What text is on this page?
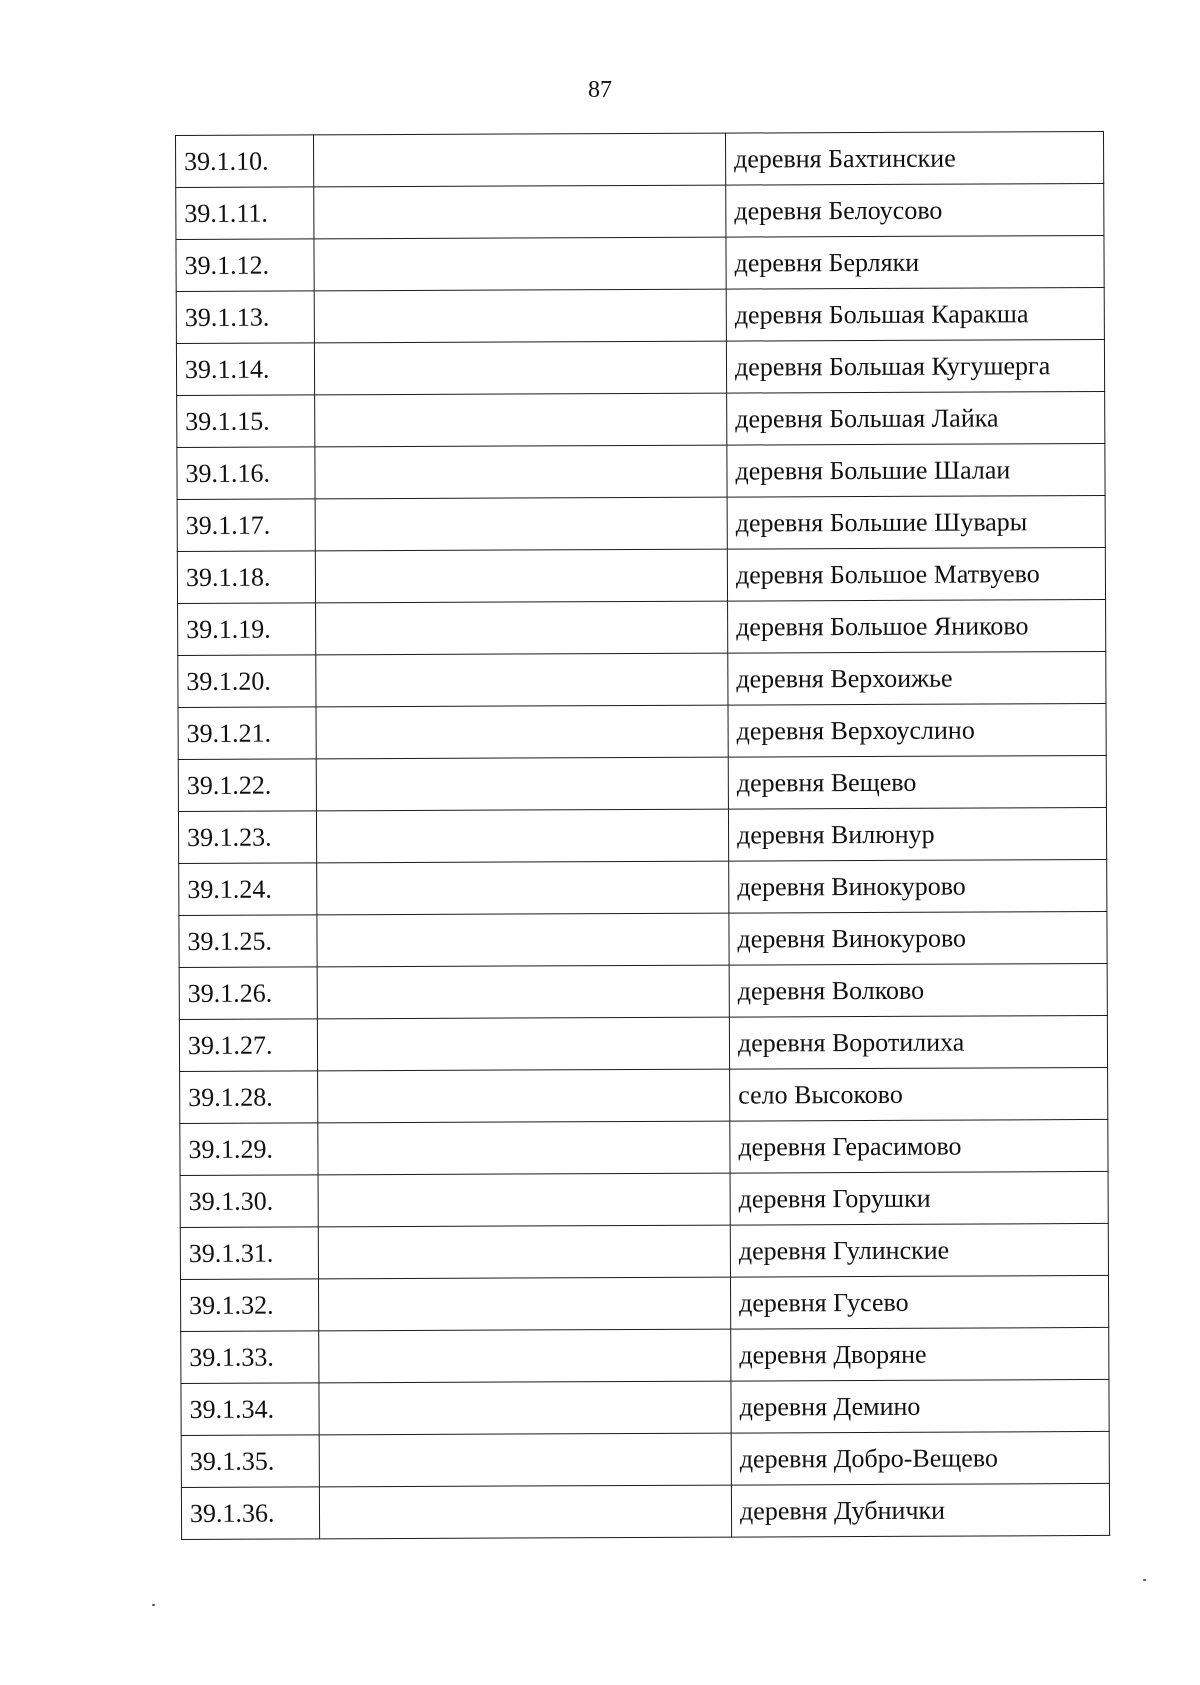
87
39.1.10.		деревня Бахтинские
39.1.11.		деревня Белоусово
39.1.12.		деревня Берляки
39.1.13.		деревня Большая Каракша
39.1.14.		деревня Большая Кугушерга
39.1.15.		деревня Большая Лайка
39.1.16.		деревня Большие Шалаи
39.1.17.		деревня Большие Шувары
39.1.18.		деревня Большое Матвуево
39.1.19.		деревня Большое Яниково
39.1.20.		деревня Верхоижье
39.1.21.		деревня Верхоуслино
39.1.22.		деревня Вещево
39.1.23.		деревня Вилюнур
39.1.24.		деревня Винокурово
39.1.25.		деревня Винокурово
39.1.26.		деревня Волково
39.1.27.		деревня Воротилиха
39.1.28.		село Высоково
39.1.29.		деревня Герасимово
39.1.30.		деревня Горушки
39.1.31.		деревня Гулинские
39.1.32.		деревня Гусево
39.1.33.		деревня Дворяне
39.1.34.		деревня Демино
39.1.35.		деревня Добро-Вещево
39.1.36.		деревня Дубнички
